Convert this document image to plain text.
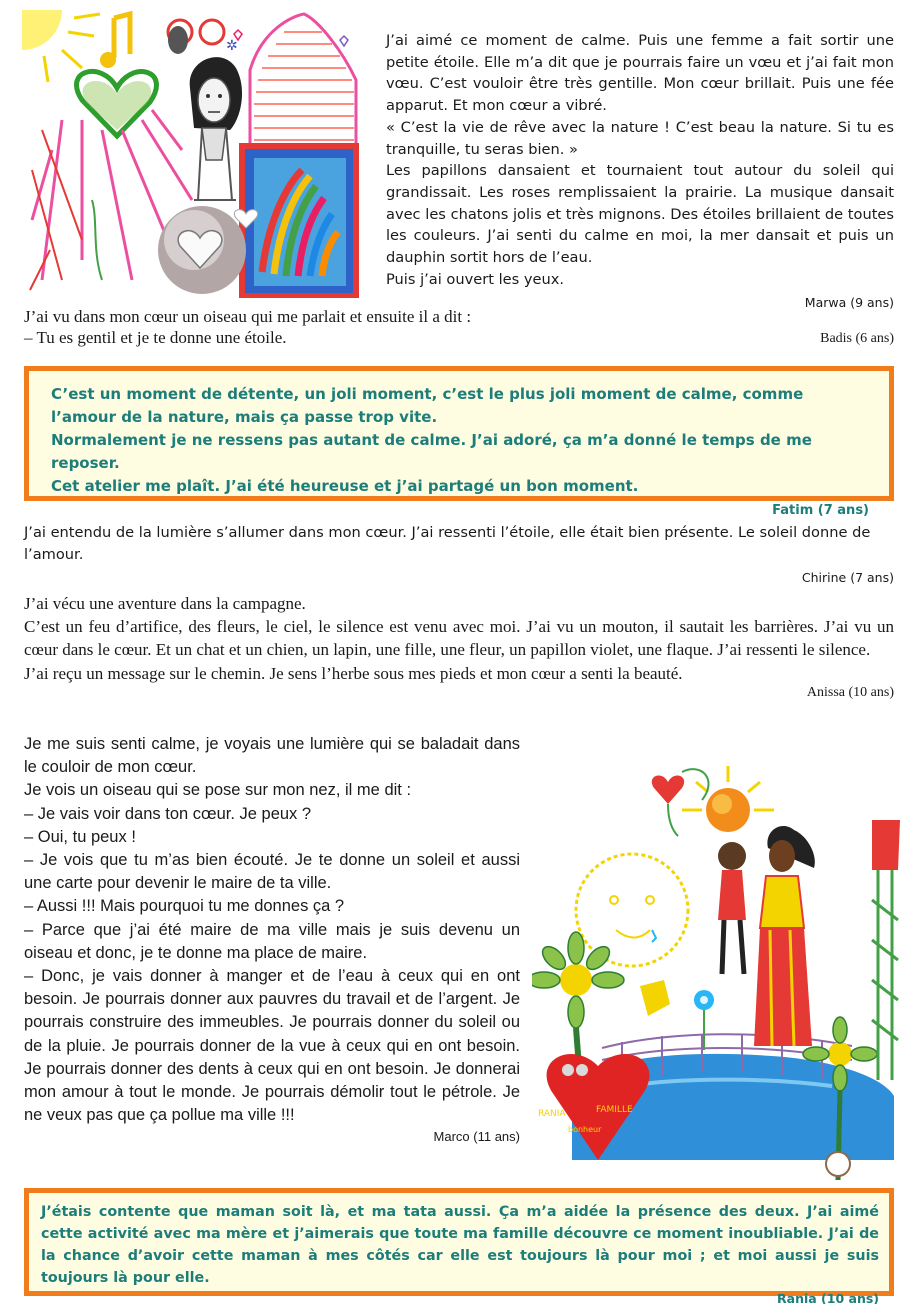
✲	J’ai aimé ce moment de calme. Puis une femme a fait sortir une petite étoile. Elle m’a dit que je pourrais faire un vœu et j’ai fait mon vœu. C’est vouloir être très gentille. Mon cœur brillait. Puis une fée apparut. Et mon cœur a vibré.

« C’est la vie de rêve avec la nature ! C’est beau la nature. Si tu es tranquille, tu seras bien. »

Les papillons dansaient et tournaient tout autour du soleil qui grandissait. Les roses remplissaient la prairie. La musique dansait avec les chatons jolis et très mignons. Des étoiles brillaient de toutes les couleurs. J’ai senti du calme en moi, la mer dansait et puis un dauphin sortit hors de l’eau.

Puis j’ai ouvert les yeux.

Marwa (9 ans)
J’ai vu dans mon cœur un oiseau qui me parlait et ensuite il a dit :
– Tu es gentil et je te donne une étoile.	Badis (6 ans)
C’est un moment de détente, un joli moment, c’est le plus joli moment de calme, comme l’amour de la nature, mais ça passe trop vite.
Normalement je ne ressens pas autant de calme. J’ai adoré, ça m’a donné le temps de me reposer.
Cet atelier me plaît. J’ai été heureuse et j’ai partagé un bon moment.
Fatim (7 ans)
J’ai entendu de la lumière s’allumer dans mon cœur. J’ai ressenti l’étoile, elle était bien présente. Le soleil donne de l’amour.
Chirine (7 ans)
J’ai vécu une aventure dans la campagne.
C’est un feu d’artifice, des fleurs, le ciel, le silence est venu avec moi. J’ai vu un mouton, il sautait les barrières. J’ai vu un cœur dans le cœur. Et un chat et un chien, un lapin, une fille, une fleur, un papillon violet, une flaque. J’ai ressenti le silence.
J’ai reçu un message sur le chemin. Je sens l’herbe sous mes pieds et mon cœur a senti la beauté.
Anissa (10 ans)
Je me suis senti calme, je voyais une lumière qui se baladait dans le couloir de mon cœur.
Je vois un oiseau qui se pose sur mon nez, il me dit :
– Je vais voir dans ton cœur. Je peux ?
– Oui, tu peux !
– Je vois que tu m’as bien écouté. Je te donne un soleil et aussi une carte pour devenir le maire de ta ville.
– Aussi !!! Mais pourquoi tu me donnes ça ?
– Parce que j’ai été maire de ma ville mais je suis devenu un oiseau et donc, je te donne ma place de maire.
– Donc, je vais donner à manger et de l’eau à ceux qui en ont besoin. Je pourrais donner aux pauvres du travail et de l’argent. Je pourrais construire des immeubles. Je pourrais donner du soleil ou de la pluie. Je pourrais donner de la vue à ceux qui en ont besoin. Je pourrais donner des dents à ceux qui en ont besoin. Je donnerai mon amour à tout le monde. Je pourrais démolir tout le pétrole. Je ne veux pas que ça pollue ma ville !!!
Marco (11 ans)
RANIA	FAMILLE
bonheur
J’étais contente que maman soit là, et ma tata aussi. Ça m’a aidée la présence des deux. J’ai aimé cette activité avec ma mère et j’aimerais que toute ma famille découvre ce moment inoubliable. J’ai de la chance d’avoir cette maman à mes côtés car elle est toujours là pour moi ; et moi aussi je suis toujours là pour elle.
Rania (10 ans)
